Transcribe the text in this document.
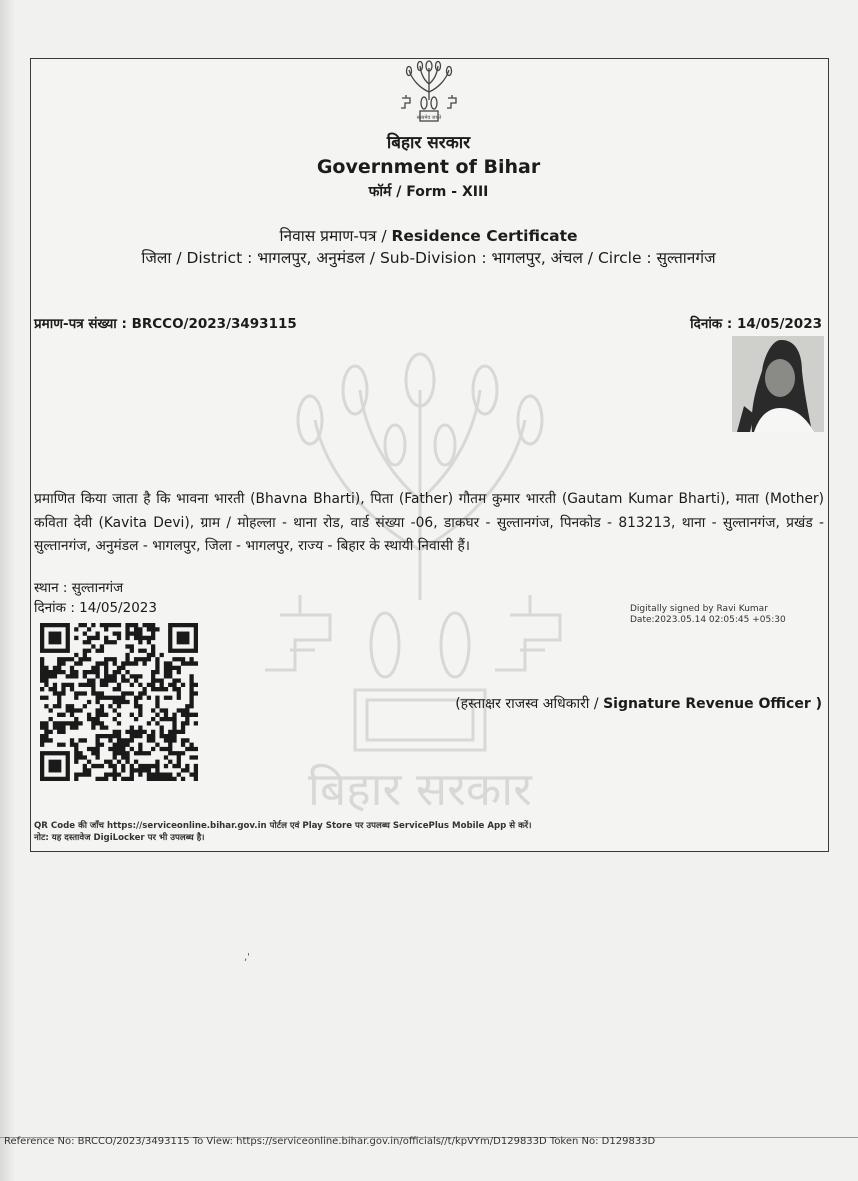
सत्यमेव जयते
बिहार सरकार
Government of Bihar
फॉर्म / Form - XIII
निवास प्रमाण-पत्र / Residence Certificate
जिला / District : भागलपुर, अनुमंडल / Sub-Division : भागलपुर, अंचल / Circle : सुल्तानगंज
प्रमाण-पत्र संख्या : BRCCO/2023/3493115	दिनांक : 14/05/2023
प्रमाणित किया जाता है कि भावना भारती (Bhavna Bharti), पिता (Father) गौतम कुमार भारती (Gautam Kumar Bharti), माता (Mother) कविता देवी (Kavita Devi), ग्राम / मोहल्ला - थाना रोड, वार्ड संख्या -06, डाकघर - सुल्तानगंज, पिनकोड - 813213, थाना - सुल्तानगंज, प्रखंड - सुल्तानगंज, अनुमंडल - भागलपुर, जिला - भागलपुर, राज्य - बिहार के स्थायी निवासी हैं।
स्थान : सुल्तानगंज
दिनांक : 14/05/2023	Digitally signed by Ravi Kumar
Date:2023.05.14 02:05:45 +05:30
(हस्ताक्षर राजस्व अधिकारी / Signature Revenue Officer )
QR Code की जाँच https://serviceonline.bihar.gov.in पोर्टल एवं Play Store पर उपलब्ध ServicePlus Mobile App से करें।
नोट: यह दस्तावेज DigiLocker पर भी उपलब्ध है।
,'
Reference No: BRCCO/2023/3493115 To View: https://serviceonline.bihar.gov.in/officials//t/kpVYm/D129833D Token No: D129833D
